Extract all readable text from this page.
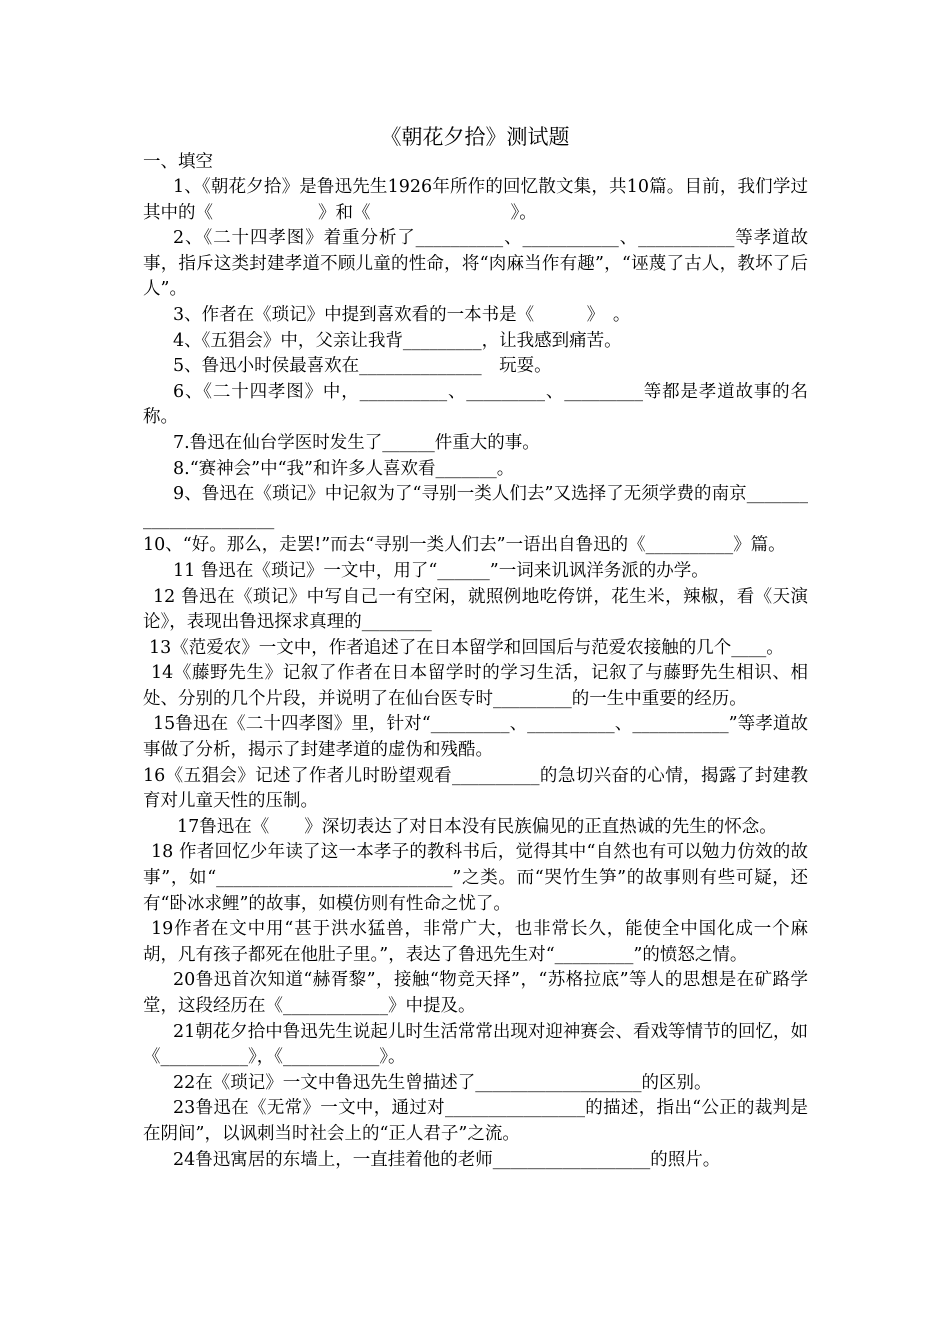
《朝花夕拾》测试题
一、填空

1、《朝花夕拾》是鲁迅先生1926年所作的回忆散文集，共10篇。目前，我们学过其中的《　　　　　　》和《　　　　　　　　》。

2、《二十四孝图》着重分析了__________、___________、___________等孝道故事，指斥这类封建孝道不顾儿童的性命，将“肉麻当作有趣”，“诬蔑了古人，教坏了后人”。

3、作者在《琐记》中提到喜欢看的一本书是《　　　》　。

4、《五猖会》中，父亲让我背_________，让我感到痛苦。

5、鲁迅小时侯最喜欢在______________　玩耍。

6、《二十四孝图》中，__________、_________、_________等都是孝道故事的名称。

7.鲁迅在仙台学医时发生了______件重大的事。

8.“赛神会”中“我”和许多人喜欢看_______。

9、鲁迅在《琐记》中记叙为了“寻别一类人们去”又选择了无须学费的南京______________________

10、“好。那么，走罢!”而去“寻别一类人们去”一语出自鲁迅的《__________》篇。

11 鲁迅在《琐记》一文中，用了“______”一词来讥讽洋务派的办学。

12 鲁迅在《琐记》中写自己一有空闲，就照例地吃侉饼，花生米，辣椒，看《天演论》，表现出鲁迅探求真理的________

13《范爱农》一文中，作者追述了在日本留学和回国后与范爱农接触的几个____。

14《藤野先生》记叙了作者在日本留学时的学习生活，记叙了与藤野先生相识、相处、分别的几个片段，并说明了在仙台医专时_________的一生中重要的经历。

15鲁迅在《二十四孝图》里，针对“_________、__________、___________”等孝道故事做了分析，揭示了封建孝道的虚伪和残酷。

16《五猖会》记述了作者儿时盼望观看__________的急切兴奋的心情，揭露了封建教育对儿童天性的压制。

17鲁迅在《　　》深切表达了对日本没有民族偏见的正直热诚的先生的怀念。

18 作者回忆少年读了这一本孝子的教科书后，觉得其中“自然也有可以勉力仿效的故事”，如“___________________________”之类。而“哭竹生笋”的故事则有些可疑，还有“卧冰求鲤”的故事，如模仿则有性命之忧了。

19作者在文中用“甚于洪水猛兽，非常广大，也非常长久，能使全中国化成一个麻胡，凡有孩子都死在他肚子里。”，表达了鲁迅先生对“_________”的愤怒之情。

20鲁迅首次知道“赫胥黎”，接触“物竞天择”，“苏格拉底”等人的思想是在矿路学堂，这段经历在《____________》中提及。

21朝花夕拾中鲁迅先生说起儿时生活常常出现对迎神赛会、看戏等情节的回忆，如《__________》，《___________》。

22在《琐记》一文中鲁迅先生曾描述了___________________的区别。

23鲁迅在《无常》一文中，通过对________________的描述，指出“公正的裁判是在阴间”，以讽刺当时社会上的“正人君子”之流。

24鲁迅寓居的东墙上，一直挂着他的老师__________________的照片。
